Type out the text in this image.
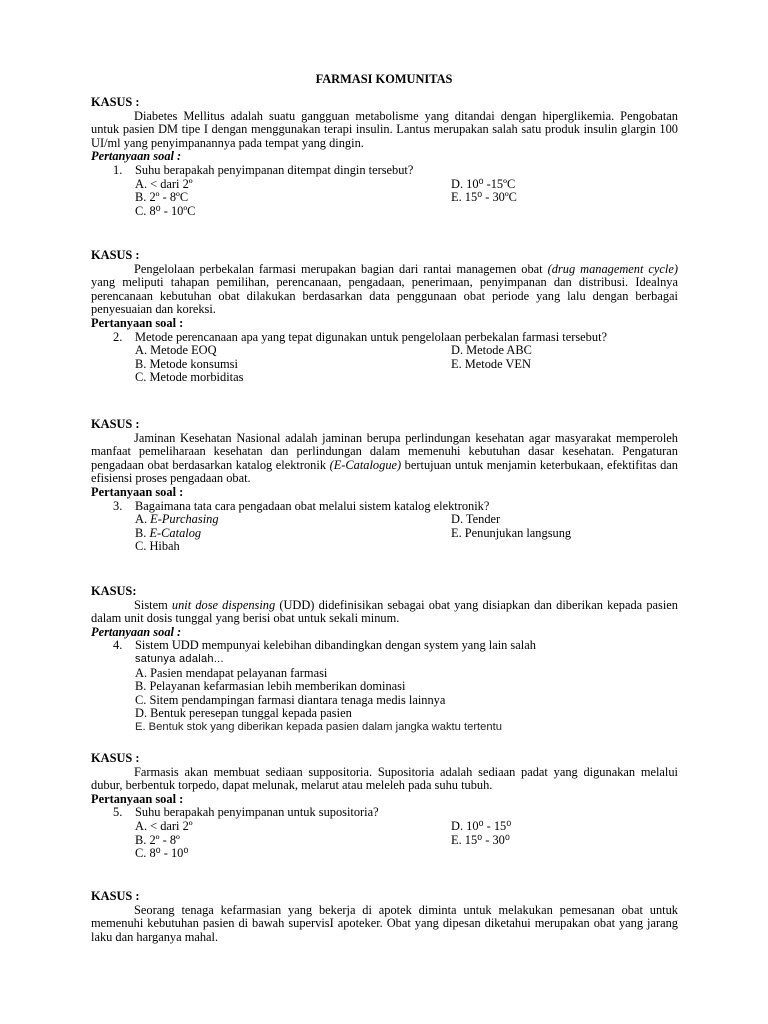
FARMASI KOMUNITAS
KASUS :

Diabetes Mellitus adalah suatu gangguan metabolisme yang ditandai dengan hiperglikemia. Pengobatan untuk pasien DM tipe I dengan menggunakan terapi insulin. Lantus merupakan salah satu produk insulin glargin 100 UI/ml yang penyimpanannya pada tempat yang dingin.

Pertanyaan soal :
1.	Suhu berapakah penyimpanan ditempat dingin tersebut?
A. < dari 2º	D. 10⁰ -15ºC
B. 2º - 8ºC	E. 15⁰ - 30ºC
C. 8⁰ - 10ºC
KASUS :

Pengelolaan perbekalan farmasi merupakan bagian dari rantai managemen obat (drug management cycle) yang meliputi tahapan pemilihan, perencanaan, pengadaan, penerimaan, penyimpanan dan distribusi. Idealnya perencanaan kebutuhan obat dilakukan berdasarkan data penggunaan obat periode yang lalu dengan berbagai penyesuaian dan koreksi.

Pertanyaan soal :
2.	Metode perencanaan apa yang tepat digunakan untuk pengelolaan perbekalan farmasi tersebut?
A. Metode EOQ	D. Metode ABC
B. Metode konsumsi	E. Metode VEN
C. Metode morbiditas
KASUS :

Jaminan Kesehatan Nasional adalah jaminan berupa perlindungan kesehatan agar masyarakat memperoleh manfaat pemeliharaan kesehatan dan perlindungan dalam memenuhi kebutuhan dasar kesehatan. Pengaturan pengadaan obat berdasarkan katalog elektronik (E-Catalogue) bertujuan untuk menjamin keterbukaan, efektifitas dan efisiensi proses pengadaan obat.

Pertanyaan soal :
3.	Bagaimana tata cara pengadaan obat melalui sistem katalog elektronik?
A. E-Purchasing	D. Tender
B. E-Catalog	E. Penunjukan langsung
C. Hibah
KASUS:

Sistem unit dose dispensing (UDD) didefinisikan sebagai obat yang disiapkan dan diberikan kepada pasien dalam unit dosis tunggal yang berisi obat untuk sekali minum.

Pertanyaan soal :
4.	Sistem UDD mempunyai kelebihan dibandingkan dengan system yang lain salah
satunya adalah...
A. Pasien mendapat pelayanan farmasi
B. Pelayanan kefarmasian lebih memberikan dominasi
C. Sitem pendampingan farmasi diantara tenaga medis lainnya
D. Bentuk peresepan tunggal kepada pasien
E. Bentuk stok yang diberikan kepada pasien dalam jangka waktu tertentu
KASUS :

Farmasis akan membuat sediaan suppositoria. Supositoria adalah sediaan padat yang digunakan melalui dubur, berbentuk torpedo, dapat melunak, melarut atau meleleh pada suhu tubuh.

Pertanyaan soal :
5.	Suhu berapakah penyimpanan untuk supositoria?
A. < dari 2º	D. 10⁰ - 15⁰
B. 2º - 8º	E. 15⁰ - 30⁰
C. 8⁰ - 10⁰
KASUS :

Seorang tenaga kefarmasian yang bekerja di apotek diminta untuk melakukan pemesanan obat untuk memenuhi kebutuhan pasien di bawah supervisI apoteker. Obat yang dipesan diketahui merupakan obat yang jarang laku dan harganya mahal.
